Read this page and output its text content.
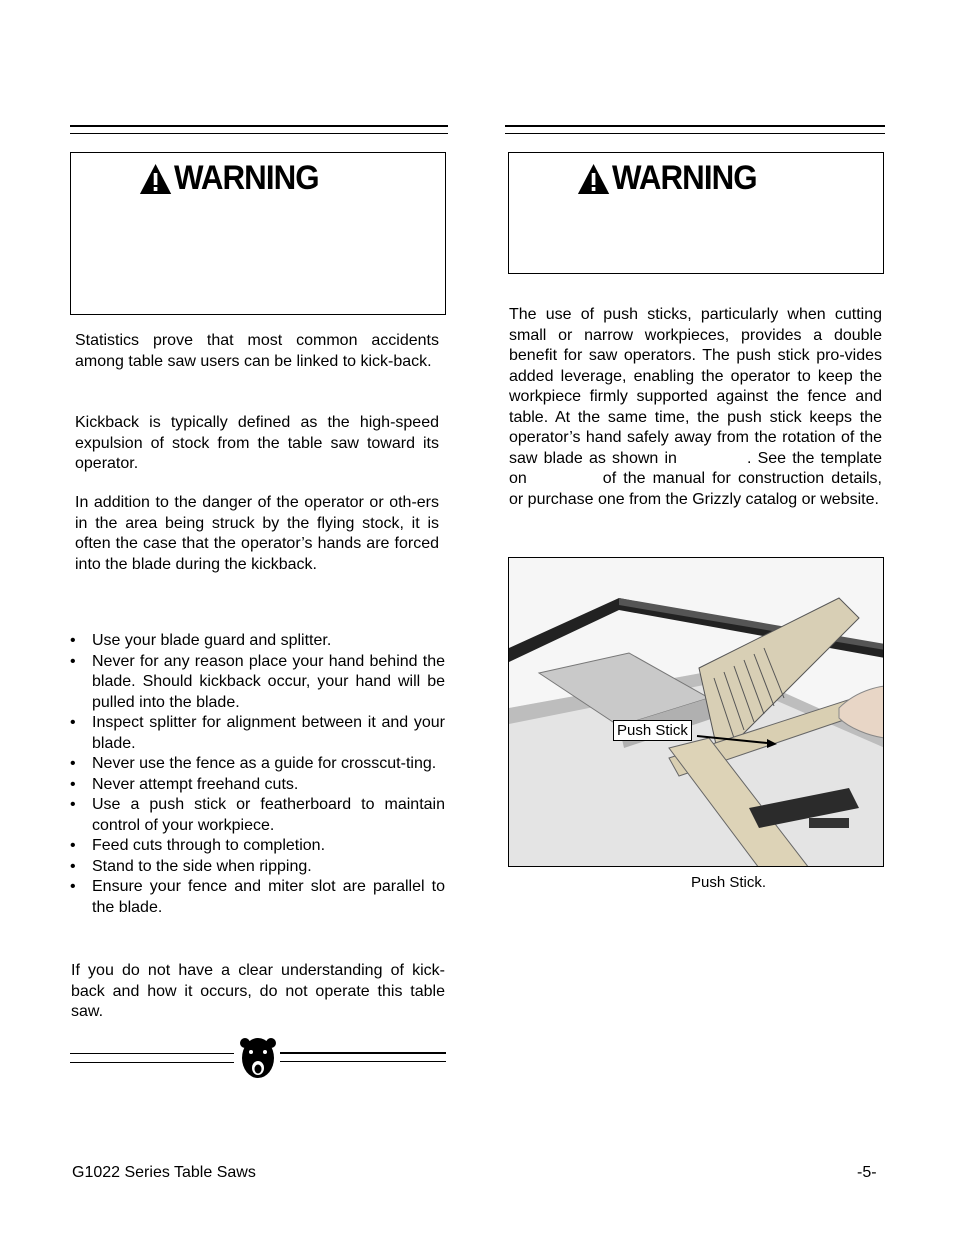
WARNING

Statistics prove that most common accidents among table saw users can be linked to kick-back.

Kickback is typically defined as the high-speed expulsion of stock from the table saw toward its operator.

In addition to the danger of the operator or oth-ers in the area being struck by the flying stock, it is often the case that the operator’s hands are forced into the blade during the kickback.

• Use your blade guard and splitter.
• Never for any reason place your hand behind the blade. Should kickback occur, your hand will be pulled into the blade.
• Inspect splitter for alignment between it and your blade.
• Never use the fence as a guide for crosscut-ting.
• Never attempt freehand cuts.
• Use a push stick or featherboard to maintain control of your workpiece.
• Feed cuts through to completion.
• Stand to the side when ripping.
• Ensure your fence and miter slot are parallel to the blade.

If you do not have a clear understanding of kick-back and how it occurs, do not operate this table saw.

WARNING
The use of push sticks, particularly when cutting small or narrow workpieces, provides a double benefit for saw operators. The push stick pro-vides added leverage, enabling the operator to keep the workpiece firmly supported against the fence and table. At the same time, the push stick keeps the operator’s hand safely away from the rotation of the saw blade as shown in	. See the template on	of the manual for construction details, or purchase one from the Grizzly catalog or website.
Push Stick
Push Stick.
G1022 Series Table Saws	-5-
